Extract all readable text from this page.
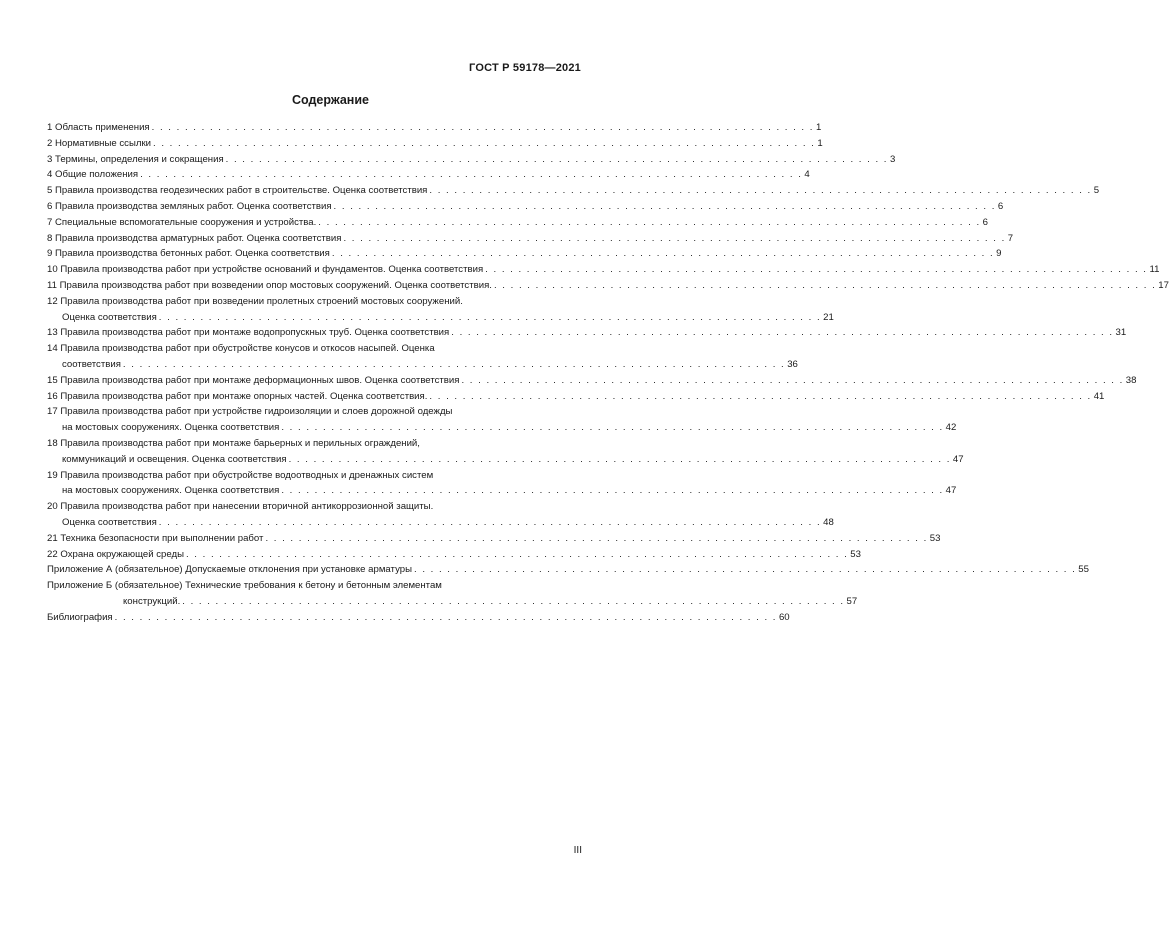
ГОСТ Р 59178—2021
Содержание
1 Область применения . . . . . . . . . . . . . . . . . . . . . . . . . . . . . . . . . . . . . . . . . . . . . . . . . . . . . . . . . . . . . . . . . . . . . . . . . . . . . . . . 1
2 Нормативные ссылки . . . . . . . . . . . . . . . . . . . . . . . . . . . . . . . . . . . . . . . . . . . . . . . . . . . . . . . . . . . . . . . . . . . . . . . . . . . . . . . . 1
3 Термины, определения и сокращения . . . . . . . . . . . . . . . . . . . . . . . . . . . . . . . . . . . . . . . . . . . . . . . . . . . . . . . . . . . . . . . . . . . . . . . . . . . . . . . . 3
4 Общие положения . . . . . . . . . . . . . . . . . . . . . . . . . . . . . . . . . . . . . . . . . . . . . . . . . . . . . . . . . . . . . . . . . . . . . . . . . . . . . . . . 4
5 Правила производства геодезических работ в строительстве. Оценка соответствия . . . . . . . . . . . . . . . . . . . . . . . . . . . . . . . . . . . . . . . . . . . . . . . . . . . . . . . . . . . . . . . . . . . . . . . . . . . . . . . . 5
6 Правила производства земляных работ. Оценка соответствия . . . . . . . . . . . . . . . . . . . . . . . . . . . . . . . . . . . . . . . . . . . . . . . . . . . . . . . . . . . . . . . . . . . . . . . . . . . . . . . . 6
7 Специальные вспомогательные сооружения и устройства. . . . . . . . . . . . . . . . . . . . . . . . . . . . . . . . . . . . . . . . . . . . . . . . . . . . . . . . . . . . . . . . . . . . . . . . . . . . . . . . . 6
8 Правила производства арматурных работ. Оценка соответствия . . . . . . . . . . . . . . . . . . . . . . . . . . . . . . . . . . . . . . . . . . . . . . . . . . . . . . . . . . . . . . . . . . . . . . . . . . . . . . . . 7
9 Правила производства бетонных работ. Оценка соответствия . . . . . . . . . . . . . . . . . . . . . . . . . . . . . . . . . . . . . . . . . . . . . . . . . . . . . . . . . . . . . . . . . . . . . . . . . . . . . . . . 9
10 Правила производства работ при устройстве оснований и фундаментов. Оценка соответствия . . . . . . . . . . . . . . . . . . . . . . . . . . . . . . . . . . . . . . . . . . . . . . . . . . . . . . . . . . . . . . . . . . . . . . . . . . . . . . . . 11
11 Правила производства работ при возведении опор мостовых сооружений. Оценка соответствия. . . . . . . . . . . . . . . . . . . . . . . . . . . . . . . . . . . . . . . . . . . . . . . . . . . . . . . . . . . . . . . . . . . . . . . . . . . . . . . . . 17
12 Правила производства работ при возведении пролетных строений мостовых сооружений.
Оценка соответствия . . . . . . . . . . . . . . . . . . . . . . . . . . . . . . . . . . . . . . . . . . . . . . . . . . . . . . . . . . . . . . . . . . . . . . . . . . . . . . . . 21
13 Правила производства работ при монтаже водопропускных труб. Оценка соответствия . . . . . . . . . . . . . . . . . . . . . . . . . . . . . . . . . . . . . . . . . . . . . . . . . . . . . . . . . . . . . . . . . . . . . . . . . . . . . . . . 31
14 Правила производства работ при обустройстве конусов и откосов насыпей. Оценка
соответствия . . . . . . . . . . . . . . . . . . . . . . . . . . . . . . . . . . . . . . . . . . . . . . . . . . . . . . . . . . . . . . . . . . . . . . . . . . . . . . . . 36
15 Правила производства работ при монтаже деформационных швов. Оценка соответствия . . . . . . . . . . . . . . . . . . . . . . . . . . . . . . . . . . . . . . . . . . . . . . . . . . . . . . . . . . . . . . . . . . . . . . . . . . . . . . . . 38
16 Правила производства работ при монтаже опорных частей. Оценка соответствия. . . . . . . . . . . . . . . . . . . . . . . . . . . . . . . . . . . . . . . . . . . . . . . . . . . . . . . . . . . . . . . . . . . . . . . . . . . . . . . . . 41
17 Правила производства работ при устройстве гидроизоляции и слоев дорожной одежды
на мостовых сооружениях. Оценка соответствия . . . . . . . . . . . . . . . . . . . . . . . . . . . . . . . . . . . . . . . . . . . . . . . . . . . . . . . . . . . . . . . . . . . . . . . . . . . . . . . . 42
18 Правила производства работ при монтаже барьерных и перильных ограждений,
коммуникаций и освещения. Оценка соответствия . . . . . . . . . . . . . . . . . . . . . . . . . . . . . . . . . . . . . . . . . . . . . . . . . . . . . . . . . . . . . . . . . . . . . . . . . . . . . . . . 47
19 Правила производства работ при обустройстве водоотводных и дренажных систем
на мостовых сооружениях. Оценка соответствия . . . . . . . . . . . . . . . . . . . . . . . . . . . . . . . . . . . . . . . . . . . . . . . . . . . . . . . . . . . . . . . . . . . . . . . . . . . . . . . . 47
20 Правила производства работ при нанесении вторичной антикоррозионной защиты.
Оценка соответствия . . . . . . . . . . . . . . . . . . . . . . . . . . . . . . . . . . . . . . . . . . . . . . . . . . . . . . . . . . . . . . . . . . . . . . . . . . . . . . . . 48
21 Техника безопасности при выполнении работ . . . . . . . . . . . . . . . . . . . . . . . . . . . . . . . . . . . . . . . . . . . . . . . . . . . . . . . . . . . . . . . . . . . . . . . . . . . . . . . . 53
22 Охрана окружающей среды . . . . . . . . . . . . . . . . . . . . . . . . . . . . . . . . . . . . . . . . . . . . . . . . . . . . . . . . . . . . . . . . . . . . . . . . . . . . . . . . 53
Приложение А (обязательное) Допускаемые отклонения при установке арматуры . . . . . . . . . . . . . . . . . . . . . . . . . . . . . . . . . . . . . . . . . . . . . . . . . . . . . . . . . . . . . . . . . . . . . . . . . . . . . . . . 55
Приложение Б (обязательное) Технические требования к бетону и бетонным элементам
конструкций. . . . . . . . . . . . . . . . . . . . . . . . . . . . . . . . . . . . . . . . . . . . . . . . . . . . . . . . . . . . . . . . . . . . . . . . . . . . . . . . . 57
Библиография . . . . . . . . . . . . . . . . . . . . . . . . . . . . . . . . . . . . . . . . . . . . . . . . . . . . . . . . . . . . . . . . . . . . . . . . . . . . . . . . 60
III
